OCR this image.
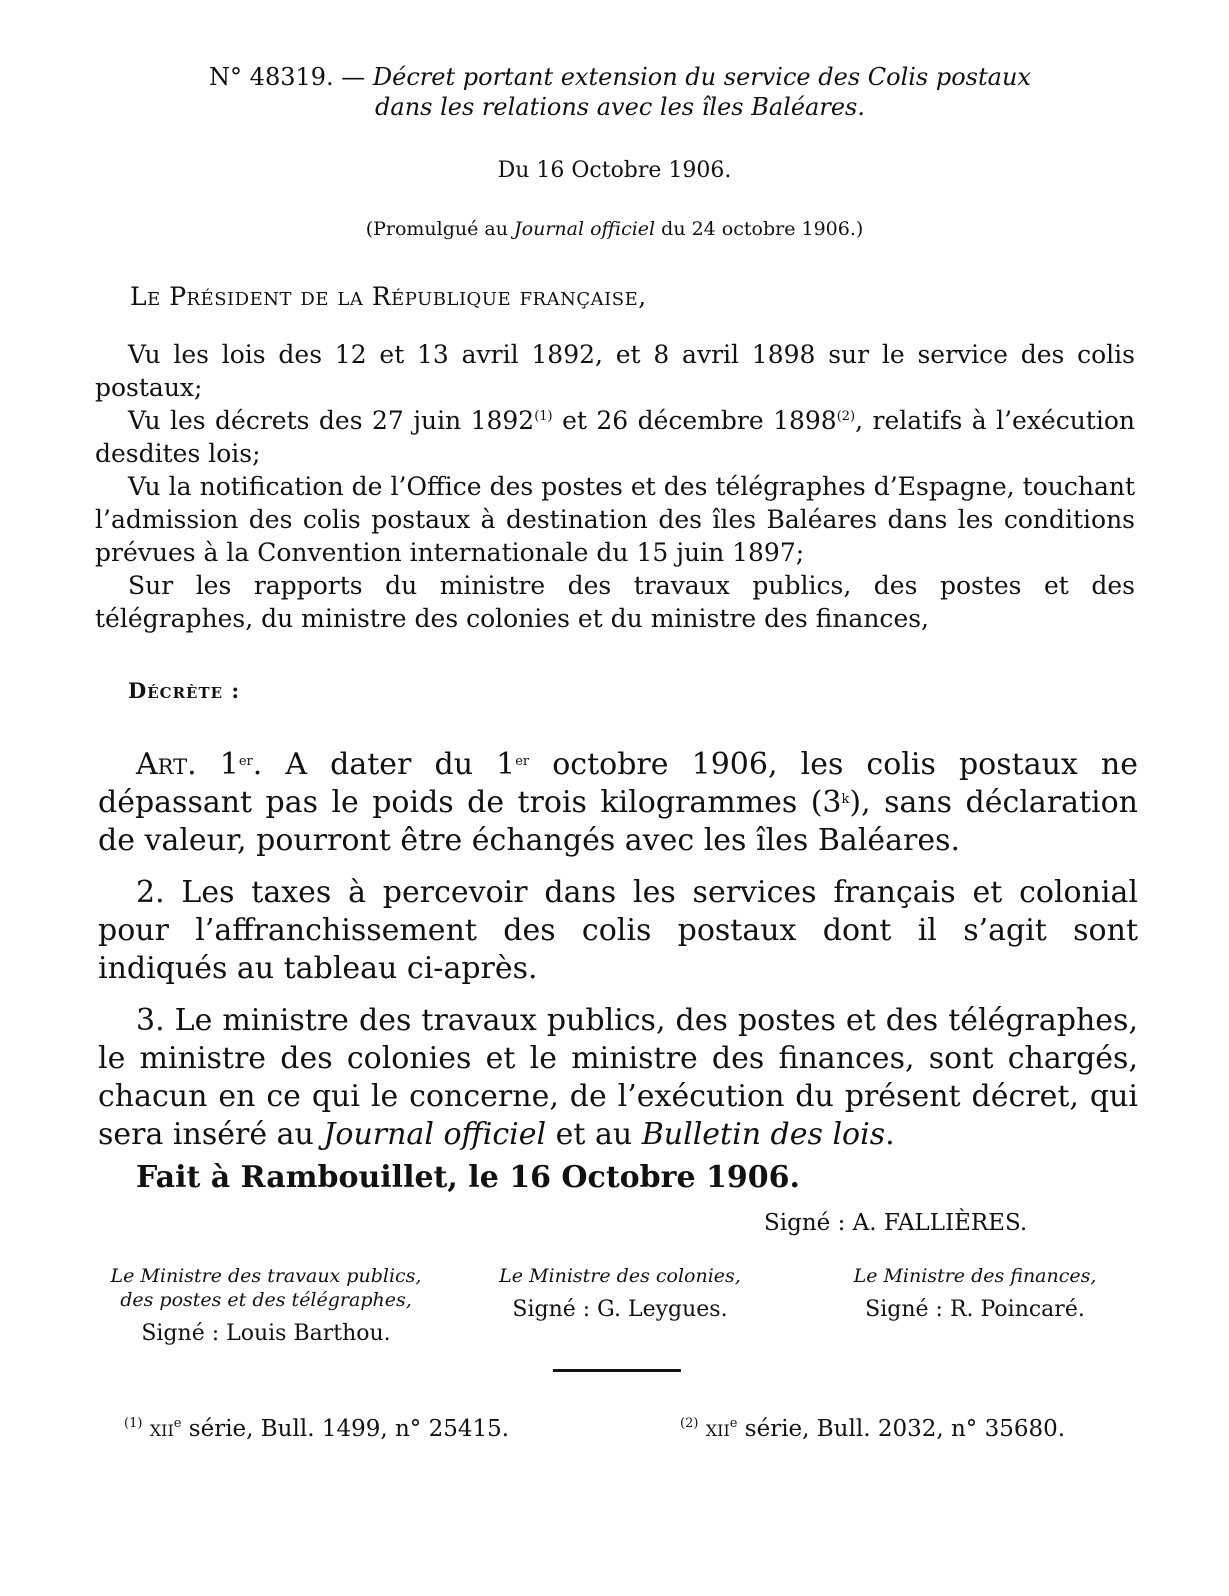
N° 48319. — Décret portant extension du service des Colis postaux
dans les relations avec les îles Baléares.
Du 16 Octobre 1906.
(Promulgué au Journal officiel du 24 octobre 1906.)
Le Président de la République française,

Vu les lois des 12 et 13 avril 1892, et 8 avril 1898 sur le service des colis postaux;

Vu les décrets des 27 juin 1892$^{(1)}$ et 26 décembre 1898$^{(2)}$, relatifs à l’exécution desdites lois;

Vu la notification de l’Office des postes et des télégraphes d’Espagne, touchant l’admission des colis postaux à destination des îles Baléares dans les conditions prévues à la Convention internationale du 15 juin 1897;

Sur les rapports du ministre des travaux publics, des postes et des télégraphes, du ministre des colonies et du ministre des finances,

Décrète :

Art. 1er. A dater du 1er octobre 1906, les colis postaux ne dépassant pas le poids de trois kilogrammes (3$^k$), sans déclaration de valeur, pourront être échangés avec les îles Baléares.

2. Les taxes à percevoir dans les services français et colonial pour l’affranchissement des colis postaux dont il s’agit sont indiqués au tableau ci-après.

3. Le ministre des travaux publics, des postes et des télégraphes, le ministre des colonies et le ministre des finances, sont chargés, chacun en ce qui le concerne, de l’exécution du présent décret, qui sera inséré au Journal officiel et au Bulletin des lois.

Fait à Rambouillet, le 16 Octobre 1906.
Signé : A. FALLIÈRES.
Le Ministre des travaux publics, des postes et des télégraphes,
Signé : Louis Barthou.
Le Ministre des colonies,
Signé : G. Leygues.
Le Ministre des finances,
Signé : R. Poincaré.
$^{(1)}$ xii$^e$ série, Bull. 1499, n° 25415.	$^{(2)}$ xii$^e$ série, Bull. 2032, n° 35680.
